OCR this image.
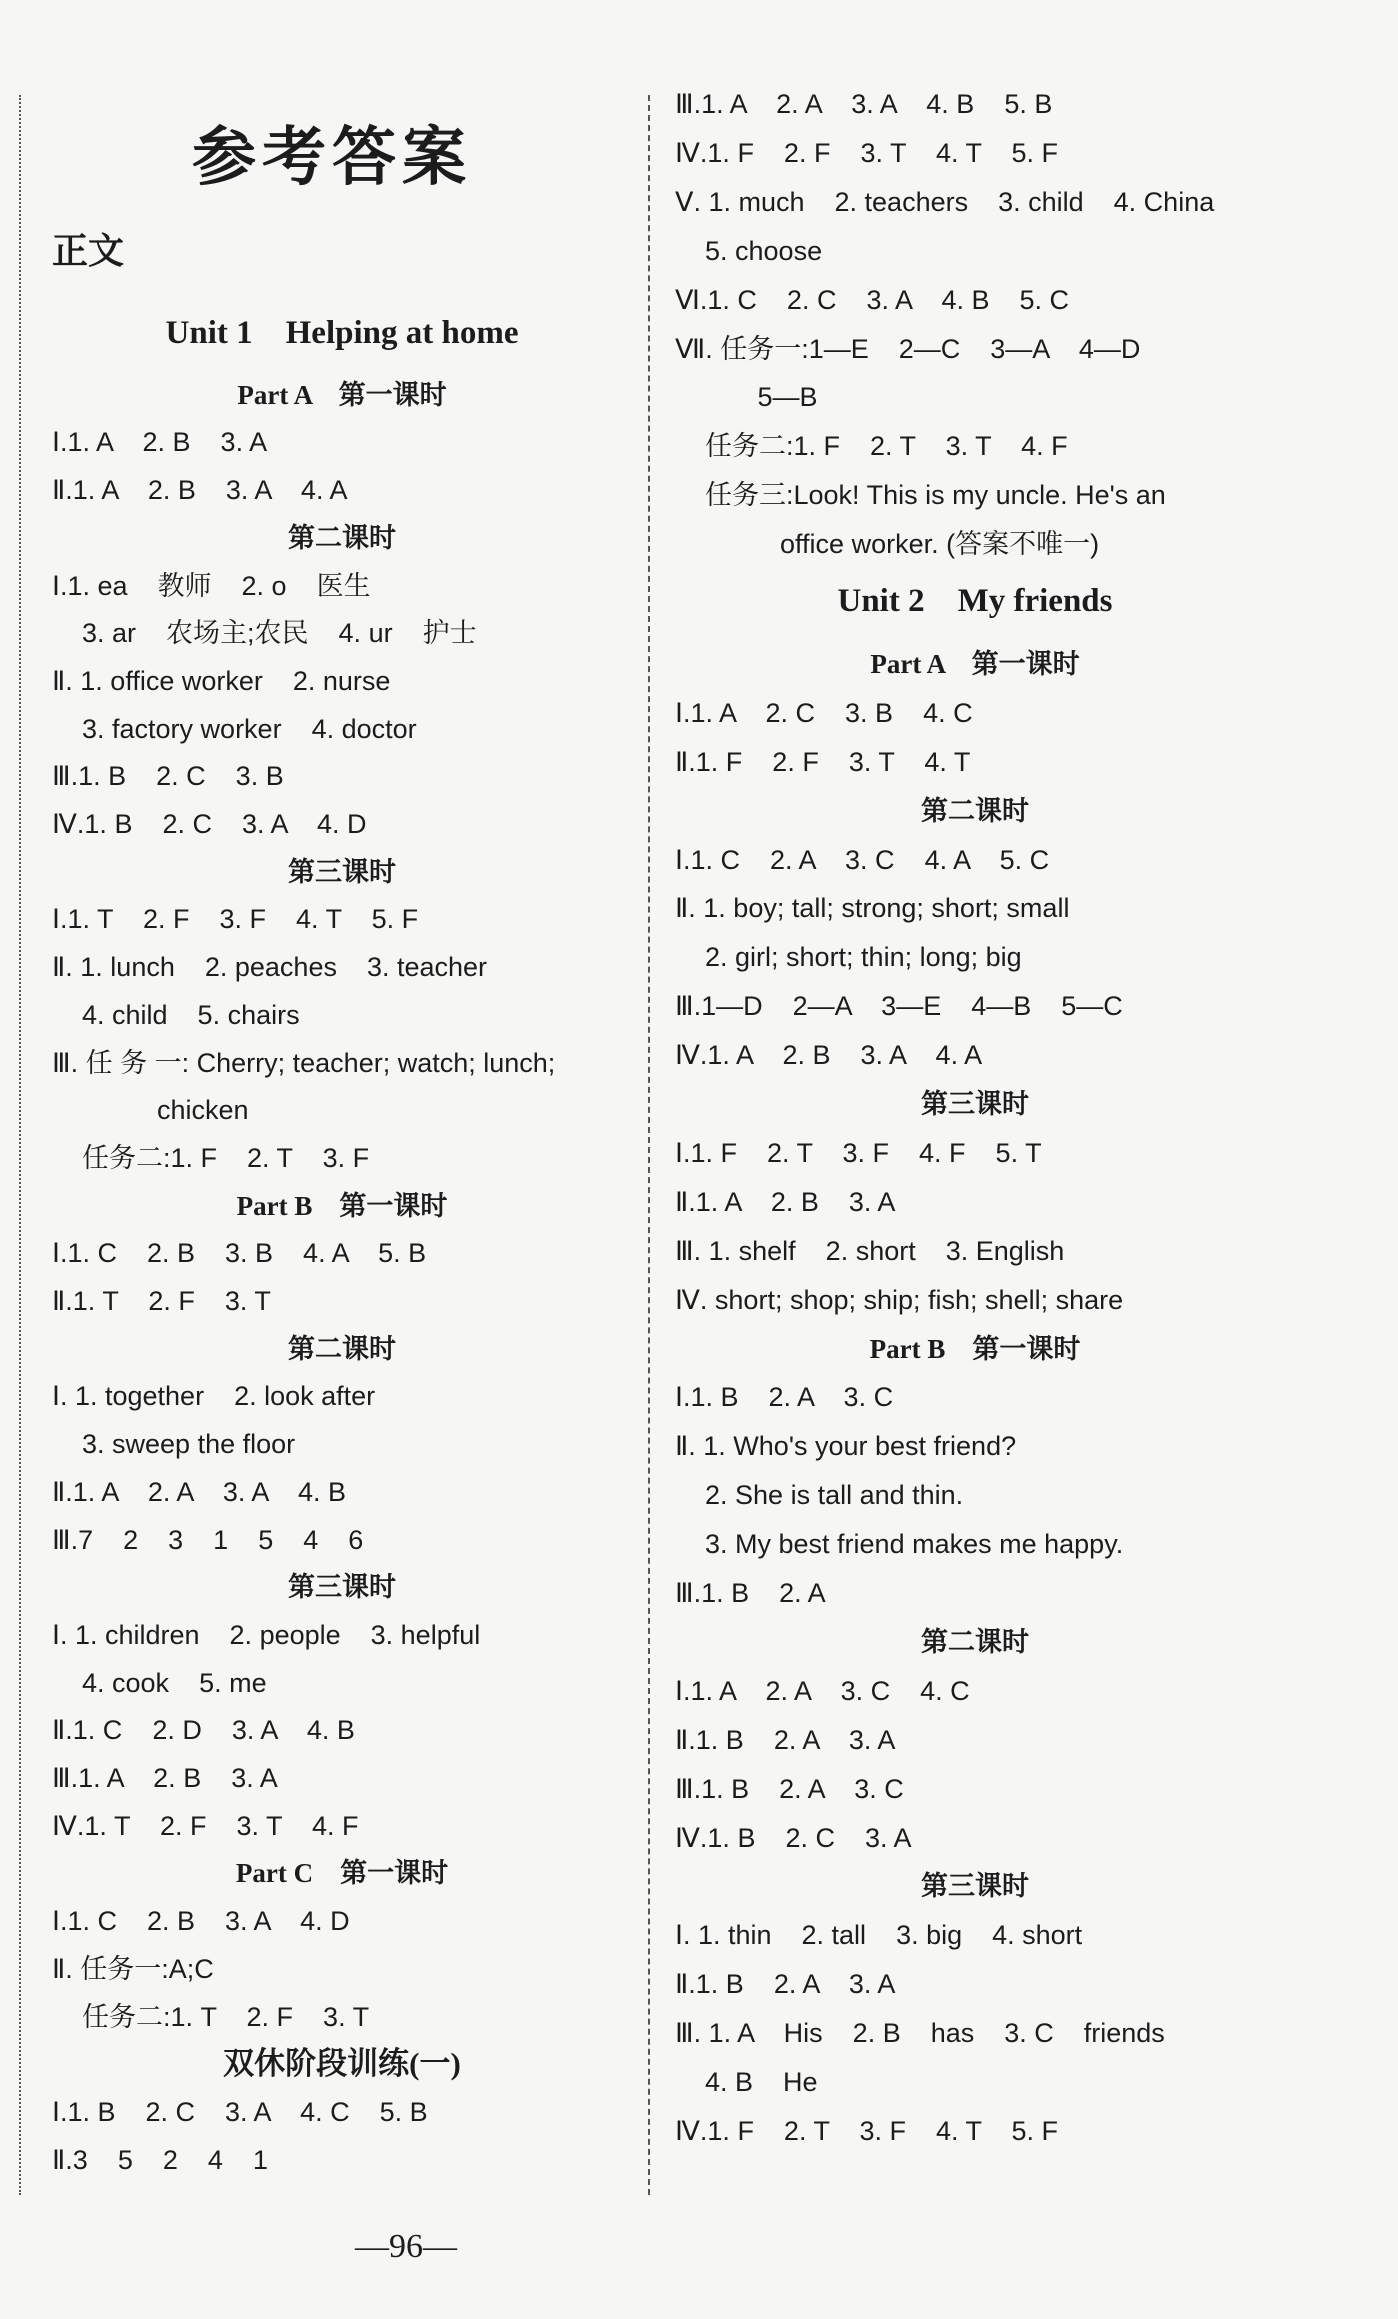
参考答案
正文
Unit 1    Helping at home
Part A    第一课时
Ⅰ.1. A    2. B    3. A
Ⅱ.1. A    2. B    3. A    4. A
第二课时
Ⅰ.1. ea    教师    2. o    医生
3. ar    农场主;农民    4. ur    护士
Ⅱ. 1. office worker    2. nurse
3. factory worker    4. doctor
Ⅲ.1. B    2. C    3. B
Ⅳ.1. B    2. C    3. A    4. D
第三课时
Ⅰ.1. T    2. F    3. F    4. T    5. F
Ⅱ. 1. lunch    2. peaches    3. teacher
4. child    5. chairs
Ⅲ. 任 务 一: Cherry; teacher; watch; lunch;
chicken
任务二:1. F    2. T    3. F
Part B    第一课时
Ⅰ.1. C    2. B    3. B    4. A    5. B
Ⅱ.1. T    2. F    3. T
第二课时
Ⅰ. 1. together    2. look after
3. sweep the floor
Ⅱ.1. A    2. A    3. A    4. B
Ⅲ.7    2    3    1    5    4    6
第三课时
Ⅰ. 1. children    2. people    3. helpful
4. cook    5. me
Ⅱ.1. C    2. D    3. A    4. B
Ⅲ.1. A    2. B    3. A
Ⅳ.1. T    2. F    3. T    4. F
Part C    第一课时
Ⅰ.1. C    2. B    3. A    4. D
Ⅱ. 任务一:A;C
任务二:1. T    2. F    3. T
双休阶段训练(一)
Ⅰ.1. B    2. C    3. A    4. C    5. B
Ⅱ.3    5    2    4    1
Ⅲ.1. A    2. A    3. A    4. B    5. B
Ⅳ.1. F    2. F    3. T    4. T    5. F
Ⅴ. 1. much    2. teachers    3. child    4. China
5. choose
Ⅵ.1. C    2. C    3. A    4. B    5. C
Ⅶ. 任务一:1—E    2—C    3—A    4—D
5—B
任务二:1. F    2. T    3. T    4. F
任务三:Look! This is my uncle. He's an
office worker. (答案不唯一)
Unit 2    My friends
Part A    第一课时
Ⅰ.1. A    2. C    3. B    4. C
Ⅱ.1. F    2. F    3. T    4. T
第二课时
Ⅰ.1. C    2. A    3. C    4. A    5. C
Ⅱ. 1. boy; tall; strong; short; small
2. girl; short; thin; long; big
Ⅲ.1—D    2—A    3—E    4—B    5—C
Ⅳ.1. A    2. B    3. A    4. A
第三课时
Ⅰ.1. F    2. T    3. F    4. F    5. T
Ⅱ.1. A    2. B    3. A
Ⅲ. 1. shelf    2. short    3. English
Ⅳ. short; shop; ship; fish; shell; share
Part B    第一课时
Ⅰ.1. B    2. A    3. C
Ⅱ. 1. Who's your best friend?
2. She is tall and thin.
3. My best friend makes me happy.
Ⅲ.1. B    2. A
第二课时
Ⅰ.1. A    2. A    3. C    4. C
Ⅱ.1. B    2. A    3. A
Ⅲ.1. B    2. A    3. C
Ⅳ.1. B    2. C    3. A
第三课时
Ⅰ. 1. thin    2. tall    3. big    4. short
Ⅱ.1. B    2. A    3. A
Ⅲ. 1. A    His    2. B    has    3. C    friends
4. B    He
Ⅳ.1. F    2. T    3. F    4. T    5. F
—96—
